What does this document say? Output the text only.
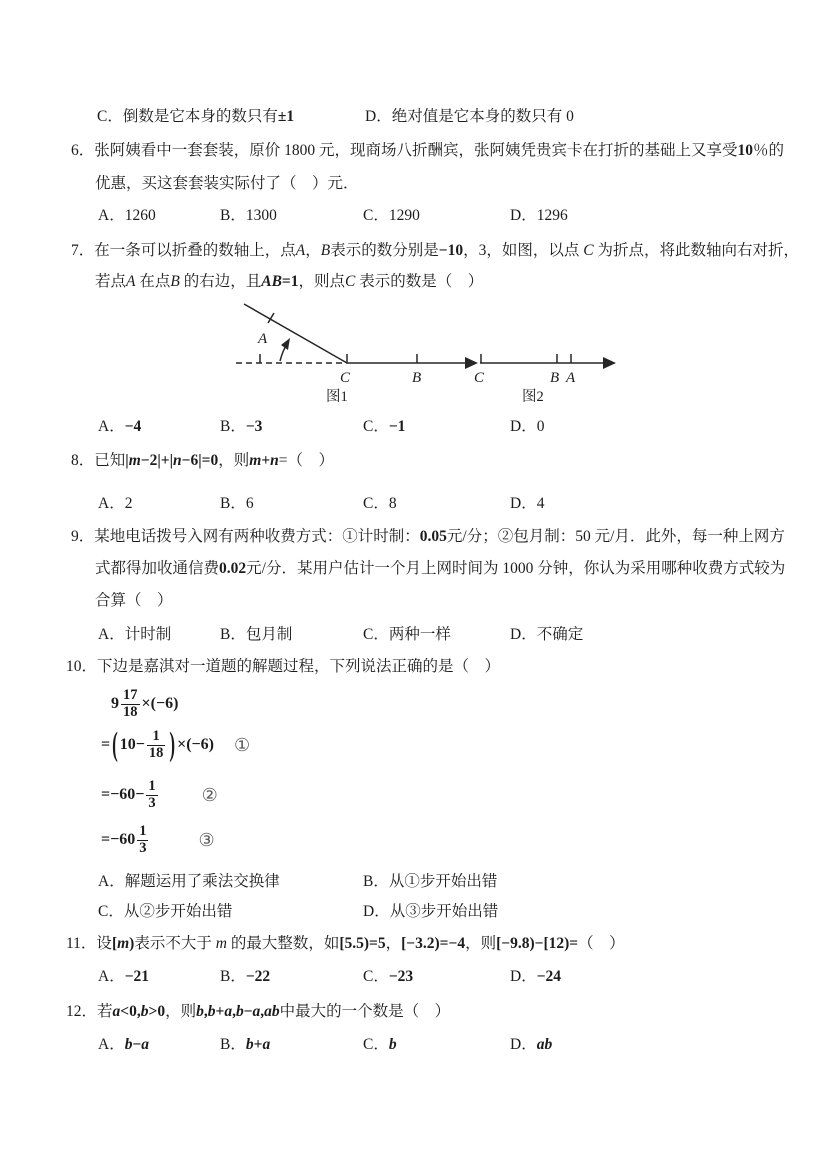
C．倒数是它本身的数只有±1	D．绝对值是它本身的数只有 0
6．张阿姨看中一套套装，原价 1800 元，现商场八折酬宾，张阿姨凭贵宾卡在打折的基础上又享受10％的
优惠，买这套套装实际付了（　）元．
A．1260	B．1300	C．1290	D．1296
7．在一条可以折叠的数轴上，点A，B表示的数分别是−10，3，如图，以点 C 为折点，将此数轴向右对折，
若点A 在点B 的右边，且AB=1，则点C 表示的数是（　）
A
C	B
图1
C	B A
图2
A．−4	B．−3	C．−1	D．0
8．已知|m−2|+|n−6|=0，则m+n=（　）
A．2	B．6	C．8	D．4
9．某地电话拨号入网有两种收费方式：①计时制：0.05元/分；②包月制：50 元/月．此外，每一种上网方
式都得加收通信费0.02元/分．某用户估计一个月上网时间为 1000 分钟，你认为采用哪种收费方式较为
合算（　）
A．计时制	B．包月制	C．两种一样	D．不确定
10．下边是嘉淇对一道题的解题过程，下列说法正确的是（　）
$9 \frac{17}{18} \times(-6)$
= ( $10- \frac{1}{18}$ ) ×(−6) ①
$=-60- \frac{1}{3}$ ②
$=-60 \frac{1}{3}$	③
A．解题运用了乘法交换律	B．从①步开始出错
C．从②步开始出错	D．从③步开始出错
11．设[m)表示不大于 m 的最大整数，如[5.5)=5，[−3.2)=−4，则[−9.8)−[12)=（　）
A．−21	B．−22	C．−23	D．−24
12．若a<0,b>0，则b,b+a,b−a,ab中最大的一个数是（　）
A．b−a	B．b+a	C．b	D．ab
